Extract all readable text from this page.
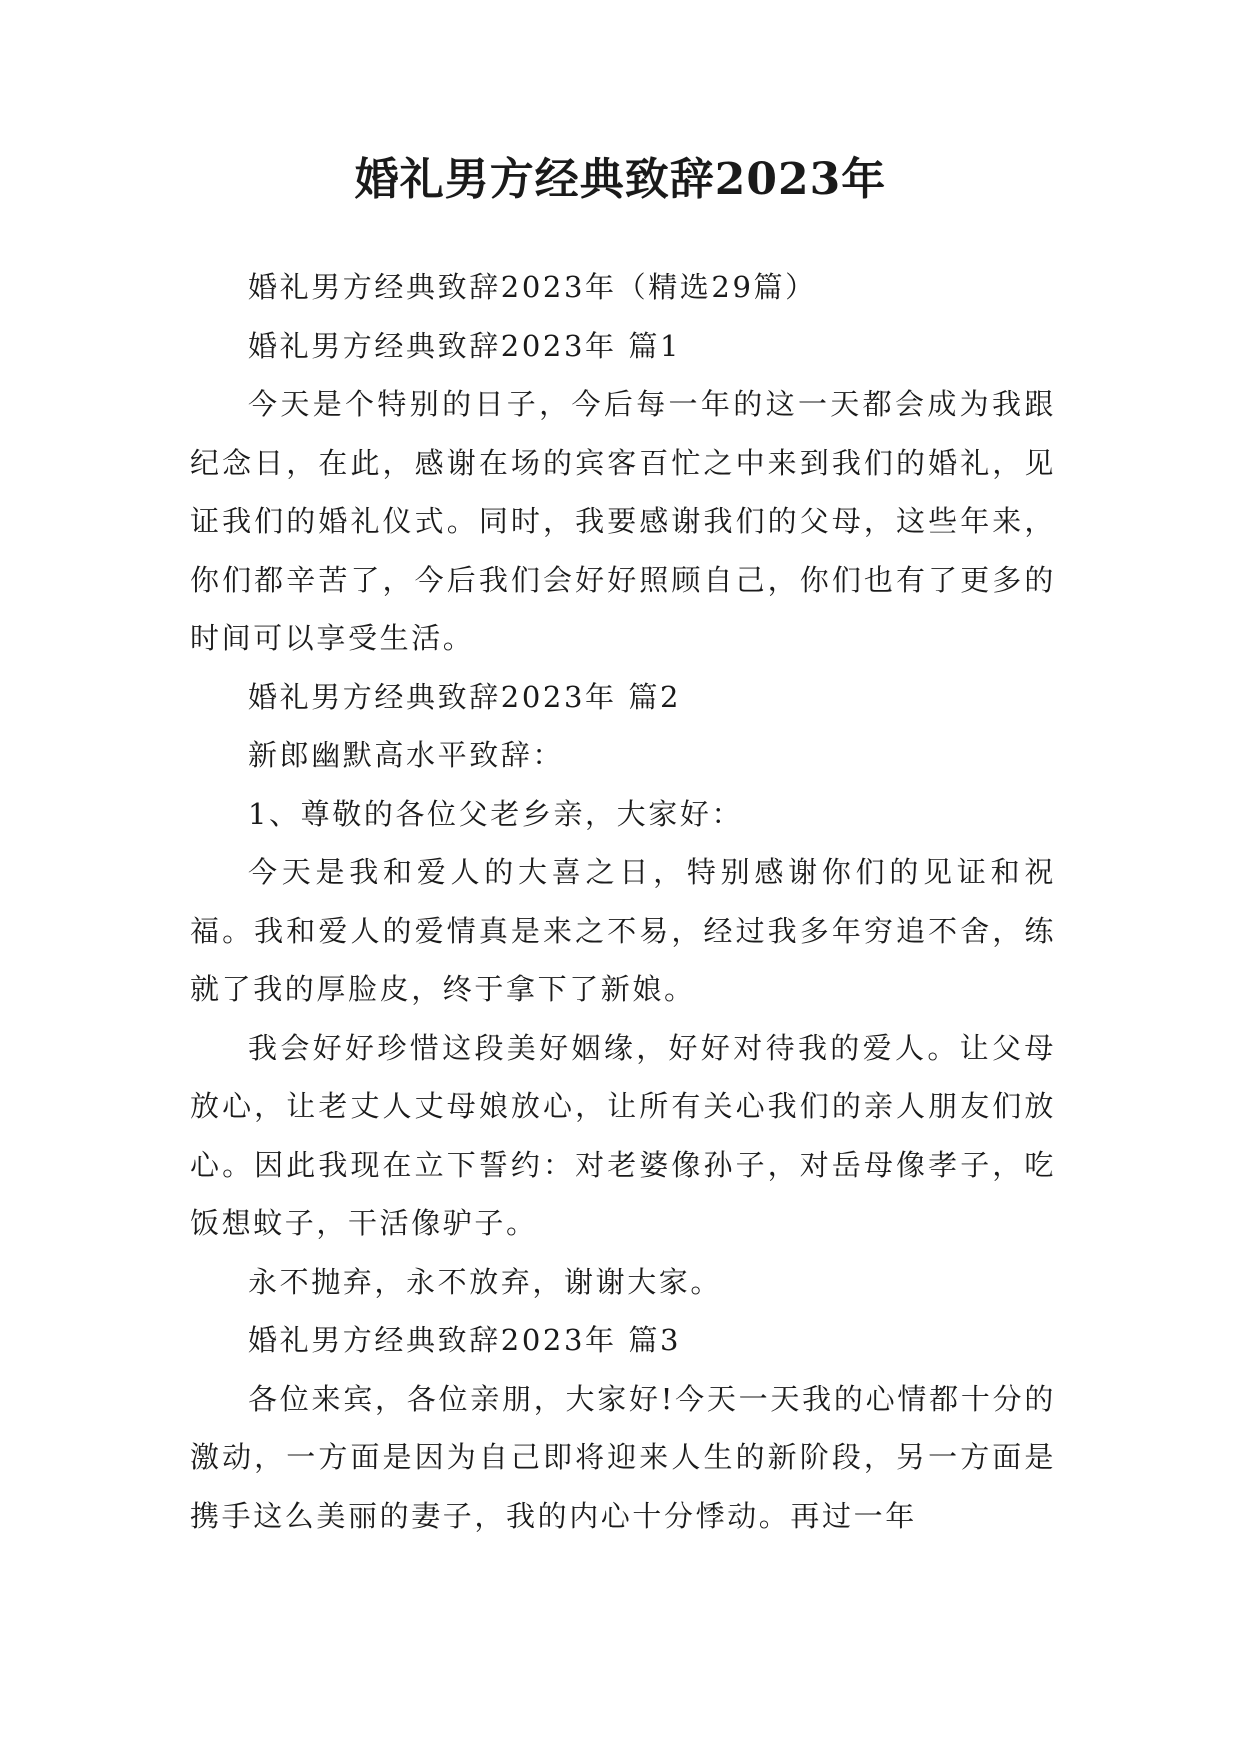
婚礼男方经典致辞2023年

婚礼男方经典致辞2023年（精选29篇）

婚礼男方经典致辞2023年 篇1

今天是个特别的日子，今后每一年的这一天都会成为我跟纪念日，在此，感谢在场的宾客百忙之中来到我们的婚礼，见证我们的婚礼仪式。同时，我要感谢我们的父母，这些年来，你们都辛苦了，今后我们会好好照顾自己，你们也有了更多的时间可以享受生活。

婚礼男方经典致辞2023年 篇2

新郎幽默高水平致辞：

1、尊敬的各位父老乡亲，大家好：

今天是我和爱人的大喜之日，特别感谢你们的见证和祝福。我和爱人的爱情真是来之不易，经过我多年穷追不舍，练就了我的厚脸皮，终于拿下了新娘。

我会好好珍惜这段美好姻缘，好好对待我的爱人。让父母放心，让老丈人丈母娘放心，让所有关心我们的亲人朋友们放心。因此我现在立下誓约：对老婆像孙子，对岳母像孝子，吃饭想蚊子，干活像驴子。

永不抛弃，永不放弃，谢谢大家。

婚礼男方经典致辞2023年 篇3

各位来宾，各位亲朋，大家好!今天一天我的心情都十分的激动，一方面是因为自己即将迎来人生的新阶段，另一方面是携手这么美丽的妻子，我的内心十分悸动。再过一年
